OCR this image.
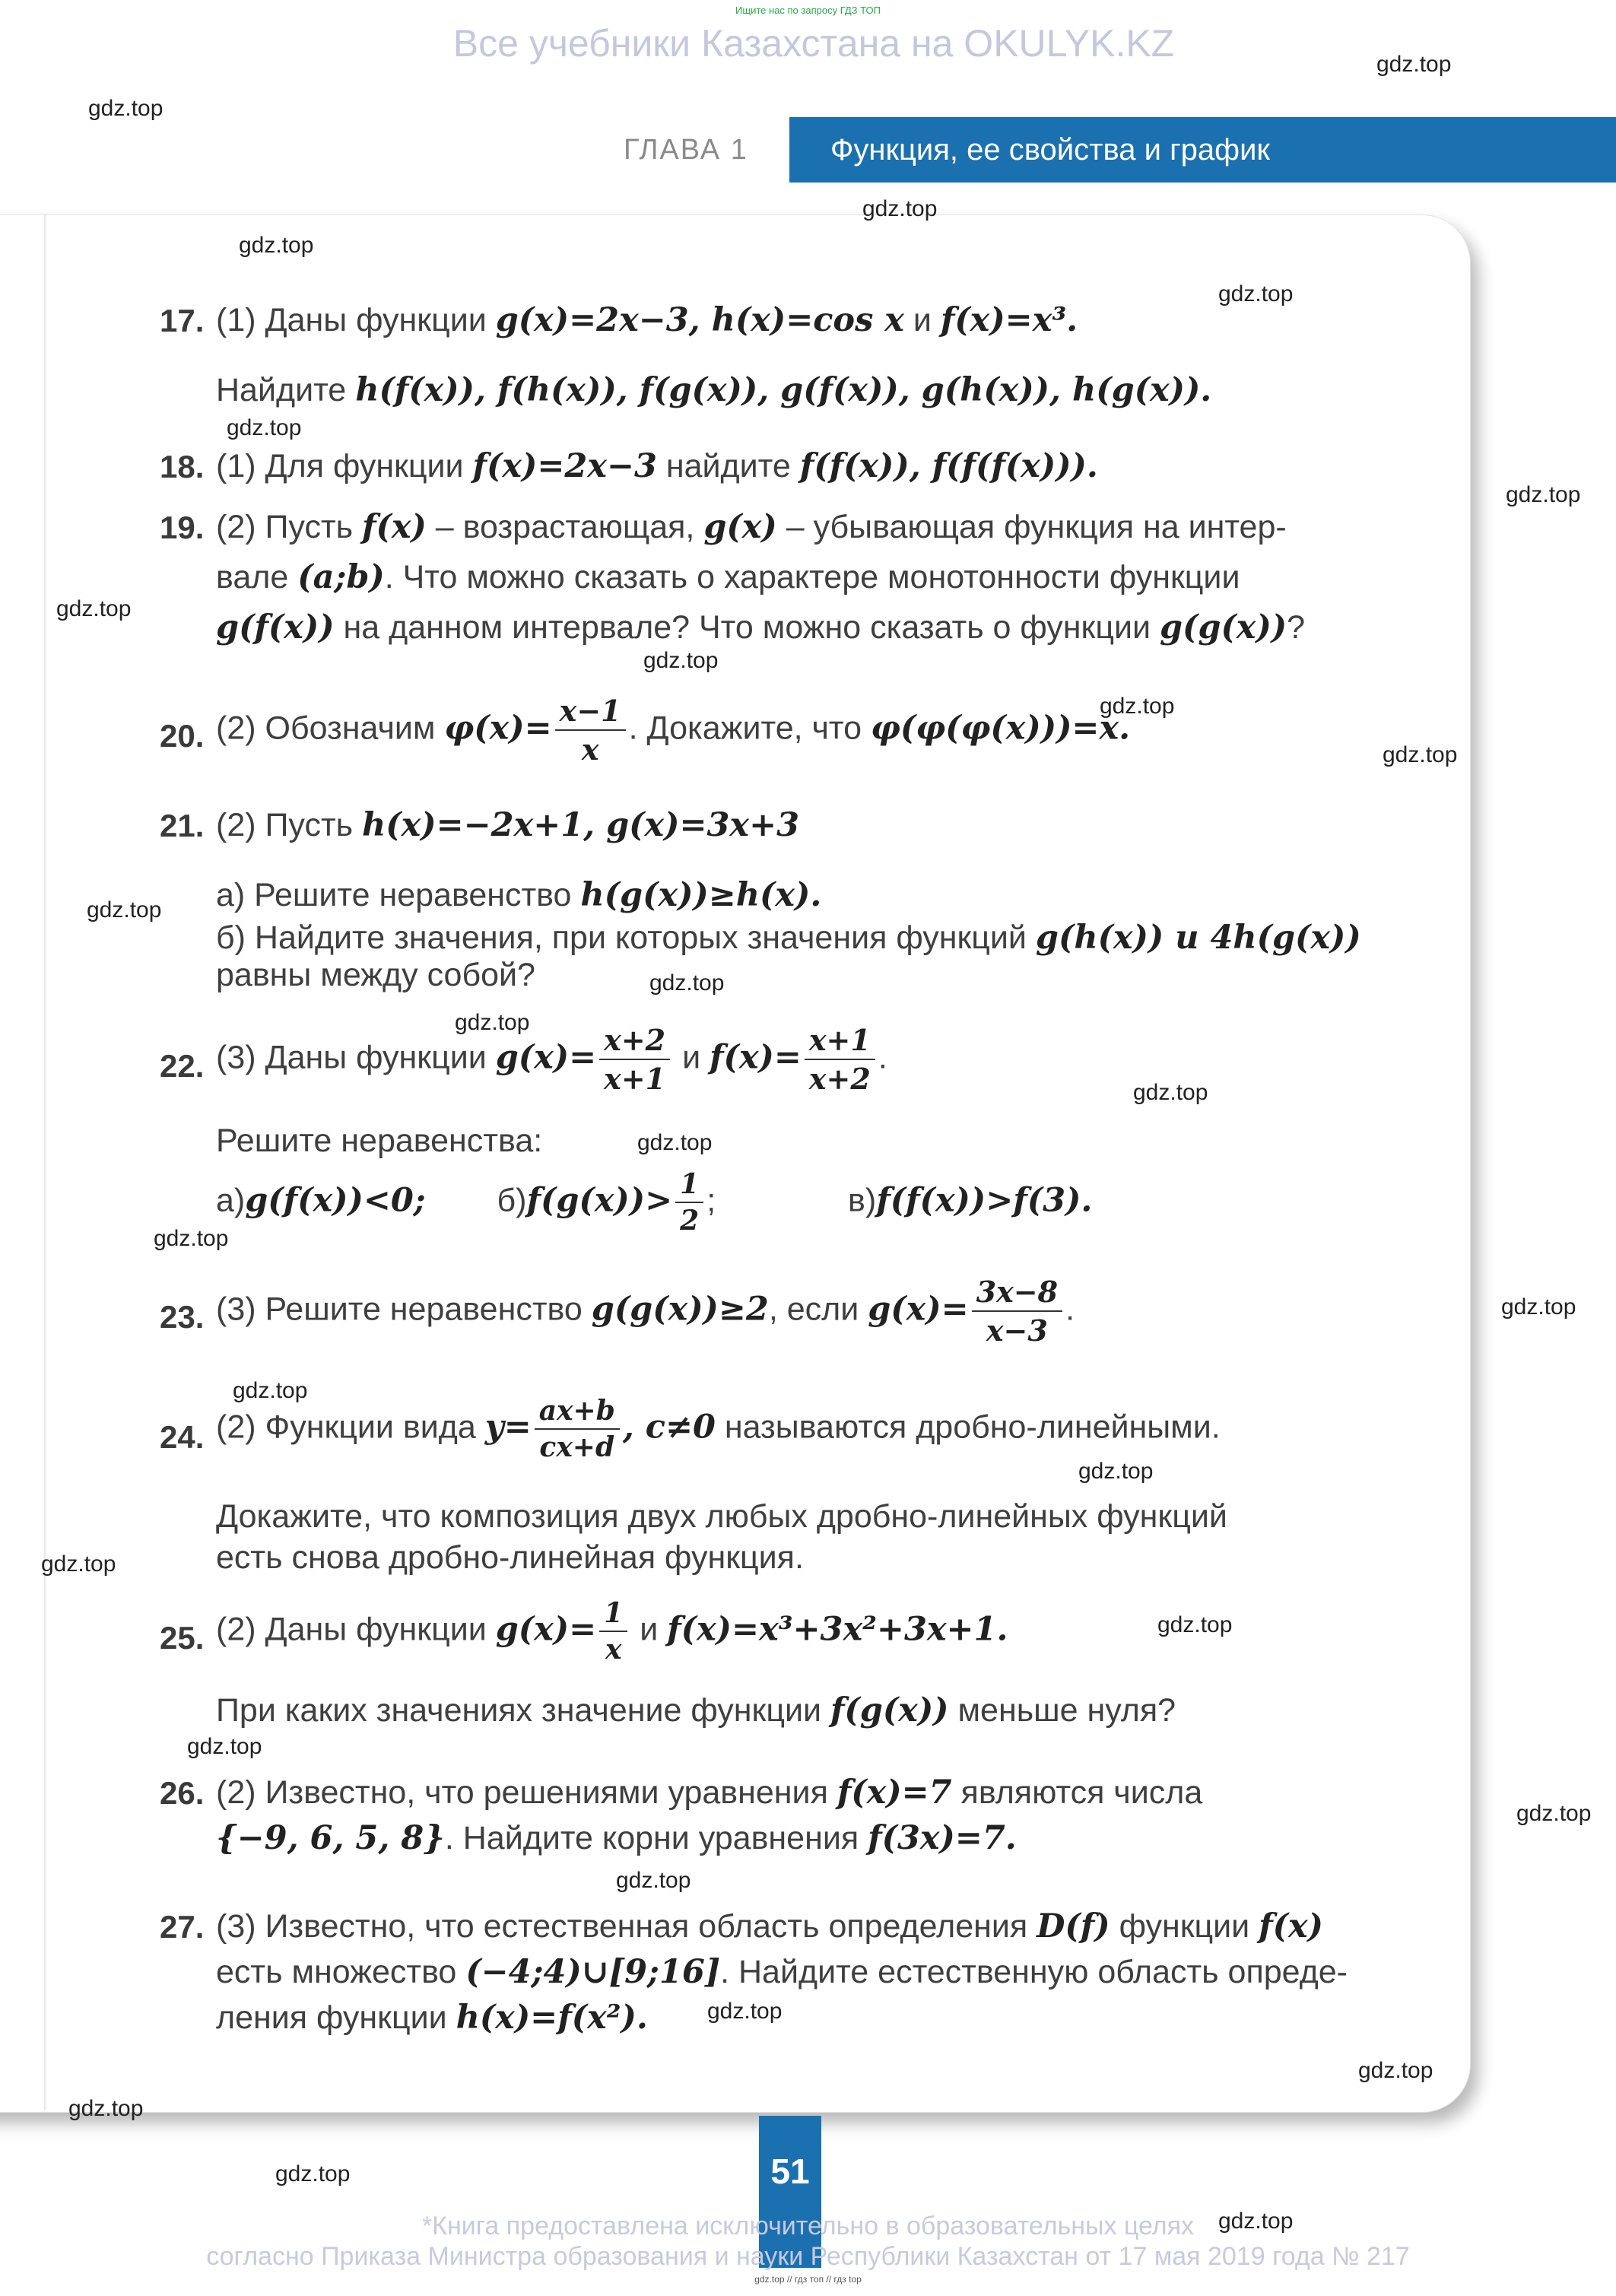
Ищите нас по запросу ГДЗ ТОП
Все учебники Казахстана на OKULYK.KZ
ГЛАВА 1	Функция, ее свойства и график
17. (1) Даны функции g(x)=2x−3, h(x)=cos x и f(x)=x³.
Найдите h(f(x)), f(h(x)), f(g(x)), g(f(x)), g(h(x)), h(g(x)).
18. (1) Для функции f(x)=2x−3 найдите f(f(x)), f(f(f(x))).
19. (2) Пусть f(x) – возрастающая, g(x) – убывающая функция на интер-
вале (a;b). Что можно сказать о характере монотонности функции
g(f(x)) на данном интервале? Что можно сказать о функции g(g(x))?
20. (2) Обозначим $\varphi(x)= \frac{x-1}{x}$ . Докажите, что φ(φ(φ(x)))=x.
21. (2) Пусть h(x)=−2x+1, g(x)=3x+3
а) Решите неравенство h(g(x))≥h(x).
б) Найдите значения, при которых значения функций g(h(x)) и 4h(g(x))
равны между собой?
22. (3) Даны функции $g(x)= \frac{x+2}{x+1}$ и $f(x)= \frac{x+1}{x+2}$ .
Решите неравенства:
а)g(f(x))<0; $б)f(g(x))> \frac{1}{2}$ ;	в)f(f(x))>f(3).
23. (3) Решите неравенство g(g(x))≥2, если $g(x)= \frac{3x-8}{x-3}$ .
24. (2) Функции вида $y= \frac{ax+b}{cx+d}$ , c≠0 называются дробно-линейными.
Докажите, что композиция двух любых дробно-линейных функций
есть снова дробно-линейная функция.
25. (2) Даны функции $g(x)= \frac{1}{x}$ и f(x)=x³+3x²+3x+1.
При каких значениях значение функции f(g(x)) меньше нуля?
26. (2) Известно, что решениями уравнения f(x)=7 являются числа
{−9, 6, 5, 8}. Найдите корни уравнения f(3x)=7.
27. (3) Известно, что естественная область определения D(f) функции f(x)
есть множество (−4;4)∪[9;16]. Найдите естественную область опреде-
ления функции h(x)=f(x²).
51
*Книга предоставлена исключительно в образовательных целях
согласно Приказа Министра образования и науки Республики Казахстан от 17 мая 2019 года № 217
gdz.top // гдз топ // гдз top
gdz.top
gdz.top
gdz.top
gdz.top
gdz.top
gdz.top
gdz.top
gdz.top
gdz.top
gdz.top
gdz.top
gdz.top
gdz.top
gdz.top
gdz.top
gdz.top
gdz.top
gdz.top
gdz.top
gdz.top
gdz.top
gdz.top
gdz.top
gdz.top
gdz.top
gdz.top
gdz.top
gdz.top
gdz.top
gdz.top
